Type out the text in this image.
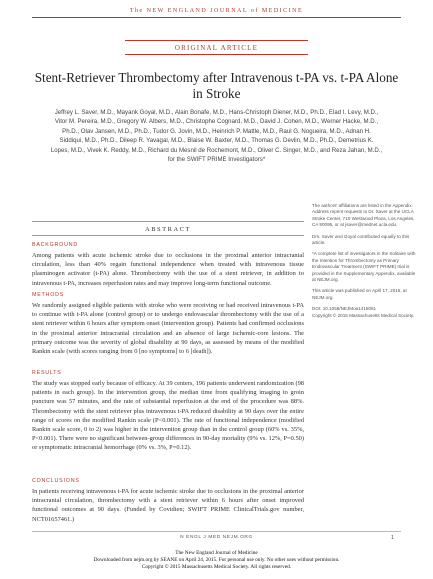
The NEW ENGLAND JOURNAL of MEDICINE
ORIGINAL ARTICLE
Stent-Retriever Thrombectomy after Intravenous t-PA vs. t-PA Alone in Stroke
Jeffrey L. Saver, M.D., Mayank Goyal, M.D., Alain Bonafe, M.D., Hans-Christoph Diener, M.D., Ph.D., Elad I. Levy, M.D., Vitor M. Pereira, M.D., Gregory W. Albers, M.D., Christophe Cognard, M.D., David J. Cohen, M.D., Werner Hacke, M.D., Ph.D., Olav Jansen, M.D., Ph.D., Tudor G. Jovin, M.D., Heinrich P. Mattle, M.D., Raul G. Nogueira, M.D., Adnan H. Siddiqui, M.D., Ph.D., Dileep R. Yavagal, M.D., Blaise W. Baxter, M.D., Thomas G. Devlin, M.D., Ph.D., Demetrius K. Lopes, M.D., Vivek K. Reddy, M.D., Richard du Mesnil de Rochemont, M.D., Oliver C. Singer, M.D., and Reza Jahan, M.D., for the SWIFT PRIME Investigators*

The authors' affiliations are listed in the Appendix. Address reprint requests to Dr. Saver at the UCLA Stroke Center, 710 Westwood Plaza, Los Angeles, CA 90095, or at jsaver@mednet.ucla.edu.

Drs. Saver and Goyal contributed equally to this article.

*A complete list of investigators in the Solitaire with the Intention for Thrombectomy as Primary Endovascular Treatment (SWIFT PRIME) trial is provided in the Supplementary Appendix, available at NEJM.org.

This article was published on April 17, 2015, at NEJM.org.

DOI: 10.1056/NEJMoa1415061

Copyright © 2015 Massachusetts Medical Society.

ABSTRACT
BACKGROUND

Among patients with acute ischemic stroke due to occlusions in the proximal anterior intracranial circulation, less than 40% regain functional independence when treated with intravenous tissue plasminogen activator (t-PA) alone. Thrombectomy with the use of a stent retriever, in addition to intravenous t-PA, increases reperfusion rates and may improve long-term functional outcome.

METHODS

We randomly assigned eligible patients with stroke who were receiving or had received intravenous t-PA to continue with t-PA alone (control group) or to undergo endovascular thrombectomy with the use of a stent retriever within 6 hours after symptom onset (intervention group). Patients had confirmed occlusions in the proximal anterior intracranial circulation and an absence of large ischemic-core lesions. The primary outcome was the severity of global disability at 90 days, as assessed by means of the modified Rankin scale (with scores ranging from 0 [no symptoms] to 6 [death]).

RESULTS

The study was stopped early because of efficacy. At 39 centers, 196 patients underwent randomization (98 patients in each group). In the intervention group, the median time from qualifying imaging to groin puncture was 57 minutes, and the rate of substantial reperfusion at the end of the procedure was 88%. Thrombectomy with the stent retriever plus intravenous t-PA reduced disability at 90 days over the entire range of scores on the modified Rankin scale (P<0.001). The rate of functional independence (modified Rankin scale score, 0 to 2) was higher in the intervention group than in the control group (60% vs. 35%, P<0.001). There were no significant between-group differences in 90-day mortality (9% vs. 12%, P=0.50) or symptomatic intracranial hemorrhage (0% vs. 3%, P=0.12).

CONCLUSIONS

In patients receiving intravenous t-PA for acute ischemic stroke due to occlusions in the proximal anterior intracranial circulation, thrombectomy with a stent retriever within 6 hours after onset improved functional outcomes at 90 days. (Funded by Covidien; SWIFT PRIME ClinicalTrials.gov number, NCT01657461.)

N ENGL J MED NEJM.ORG	1
The New England Journal of Medicine
Downloaded from nejm.org by SEANE on April 24, 2015. For personal use only. No other uses without permission.
Copyright © 2015 Massachusetts Medical Society. All rights reserved.
